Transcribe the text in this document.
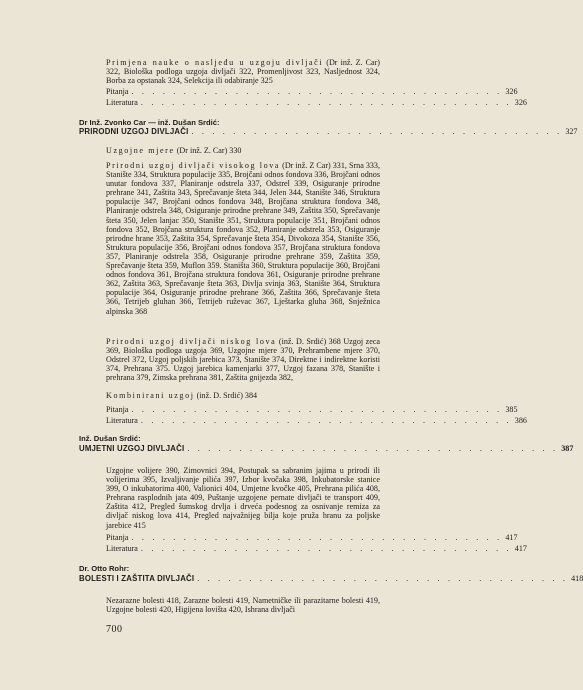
Primjena nauke o nasljeđu u uzgoju divljači (Dr inž. Z. Car) 322, Biološka podloga uzgoja divljači 322, Promenljivost 323, Nasljednost 324, Borba za opstanak 324, Selekcija ili odabiranje 325
Pitanja . . . . . . . . . . . . . . . . . . . . . . . . . . . . . . . . . . . . 326
Literatura . . . . . . . . . . . . . . . . . . . . . . . . . . . . . . . . . . . . 326
Dr Inž. Zvonko Car — inž. Dušan Srdić:
PRIRODNI UZGOJ DIVLJAČI . . . . . . . . . . . . . . . . . . . . . . . . . . . . . . . . . . . . 327
Uzgojne mjere (Dr inž. Z. Car) 330
Prirodni uzgoj divljači visokog lova (Dr inž. Z Car) 331, Srna 333, Stanište 334, Struktura populacije 335, Brojčani odnos fondova 336, Brojčani odnos unutar fondova 337, Planiranje odstrela 337, Odstrel 339, Osiguranje prirodne prehrane 341, Zaštita 343, Sprečavanje šteta 344, Jelen 344, Stanište 346, Struktura populacije 347, Brojčani odnos fondova 348, Brojčana struktura fondova 348, Planiranje odstrela 348, Osiguranje prirodne prehrane 349, Zaštita 350, Sprečavanje šteta 350, Jelen lanjac 350, Stanište 351, Struktura populacije 351, Brojčani odnos fondova 352, Brojčana struktura fondova 352, Planiranje odstrela 353, Osiguranje prirodne hrane 353, Zaštita 354, Sprečavanje šteta 354, Divokoza 354, Stanište 356, Struktura populacije 356, Brojčani odnos fondova 357, Brojčana struktura fondova 357, Planiranje odstrela 358, Osiguranje prirodne prehrane 359, Zaštita 359, Sprečavanje šteta 359, Muflon 359. Staništa 360, Struktura populacije 360, Brojčani odnos fondova 361, Brojčana struktura fondova 361, Osiguranje prirodne prehrane 362, Zaštita 363, Sprečavanje šteta 363, Divlja svinja 363, Stanište 364, Struktura populacije 364, Osiguranje prirodne prehrane 366, Zaštita 366, Sprečavanje šteta 366, Tetrijeb gluhan 366, Tetrijeb ruževac 367, Lještarka gluha 368, Snježnica alpinska 368
Prirodni uzgoj divljači niskog lova (inž. D. Srdić) 368 Uzgoj zeca 369, Biološka podloga uzgoja 369, Uzgojne mjere 370, Prehrambene mjere 370, Odstrel 372, Uzgoj poljskih jarebica 373, Stanište 374, Direktne i indirektne koristi 374, Prehrana 375. Uzgoj jarebica kamenjarki 377, Uzgoj fazana 378, Stanište i prehrana 379, Zimska prehrana 381, Zaštita gnijezda 382,
Kombinirani uzgoj (inž. D. Srdić) 384
Pitanja . . . . . . . . . . . . . . . . . . . . . . . . . . . . . . . . . . . . 385
Literatura . . . . . . . . . . . . . . . . . . . . . . . . . . . . . . . . . . . . 386
Inž. Dušan Srdić:
UMJETNI UZGOJ DIVLJAČI . . . . . . . . . . . . . . . . . . . . . . . . . . . . . . . . . . . . 387
Uzgojne volijere 390, Zimovnici 394, Postupak sa sabranim jajima u prirodi ili volijerima 395, Izvaljivanje pilića 397, Izbor kvočaka 398, Inkubatorske stanice 399, O inkubatorima 400, Valionici 404, Umjetne kvočke 405, Prehrana pilića 408, Prehrana rasplodnih jata 409, Puštanje uzgojene pernate divljači te transport 409, Zaštita 412, Pregled šumskog drvlja i drveća podesnog za osnivanje remiza za divljač niskog lova 414, Pregled najvažnijeg bilja koje pruža hranu za poljske jarebice 415
Pitanja . . . . . . . . . . . . . . . . . . . . . . . . . . . . . . . . . . . . 417
Literatura . . . . . . . . . . . . . . . . . . . . . . . . . . . . . . . . . . . . 417
Dr. Otto Rohr:
BOLESTI I ZAŠTITA DIVLJAČI . . . . . . . . . . . . . . . . . . . . . . . . . . . . . . . . . . . . 418
Nezarazne bolesti 418, Zarazne bolesti 419, Nametničke ili parazitarne bolesti 419, Uzgojne bolesti 420, Higijena lovišta 420, Ishrana divljači
700
